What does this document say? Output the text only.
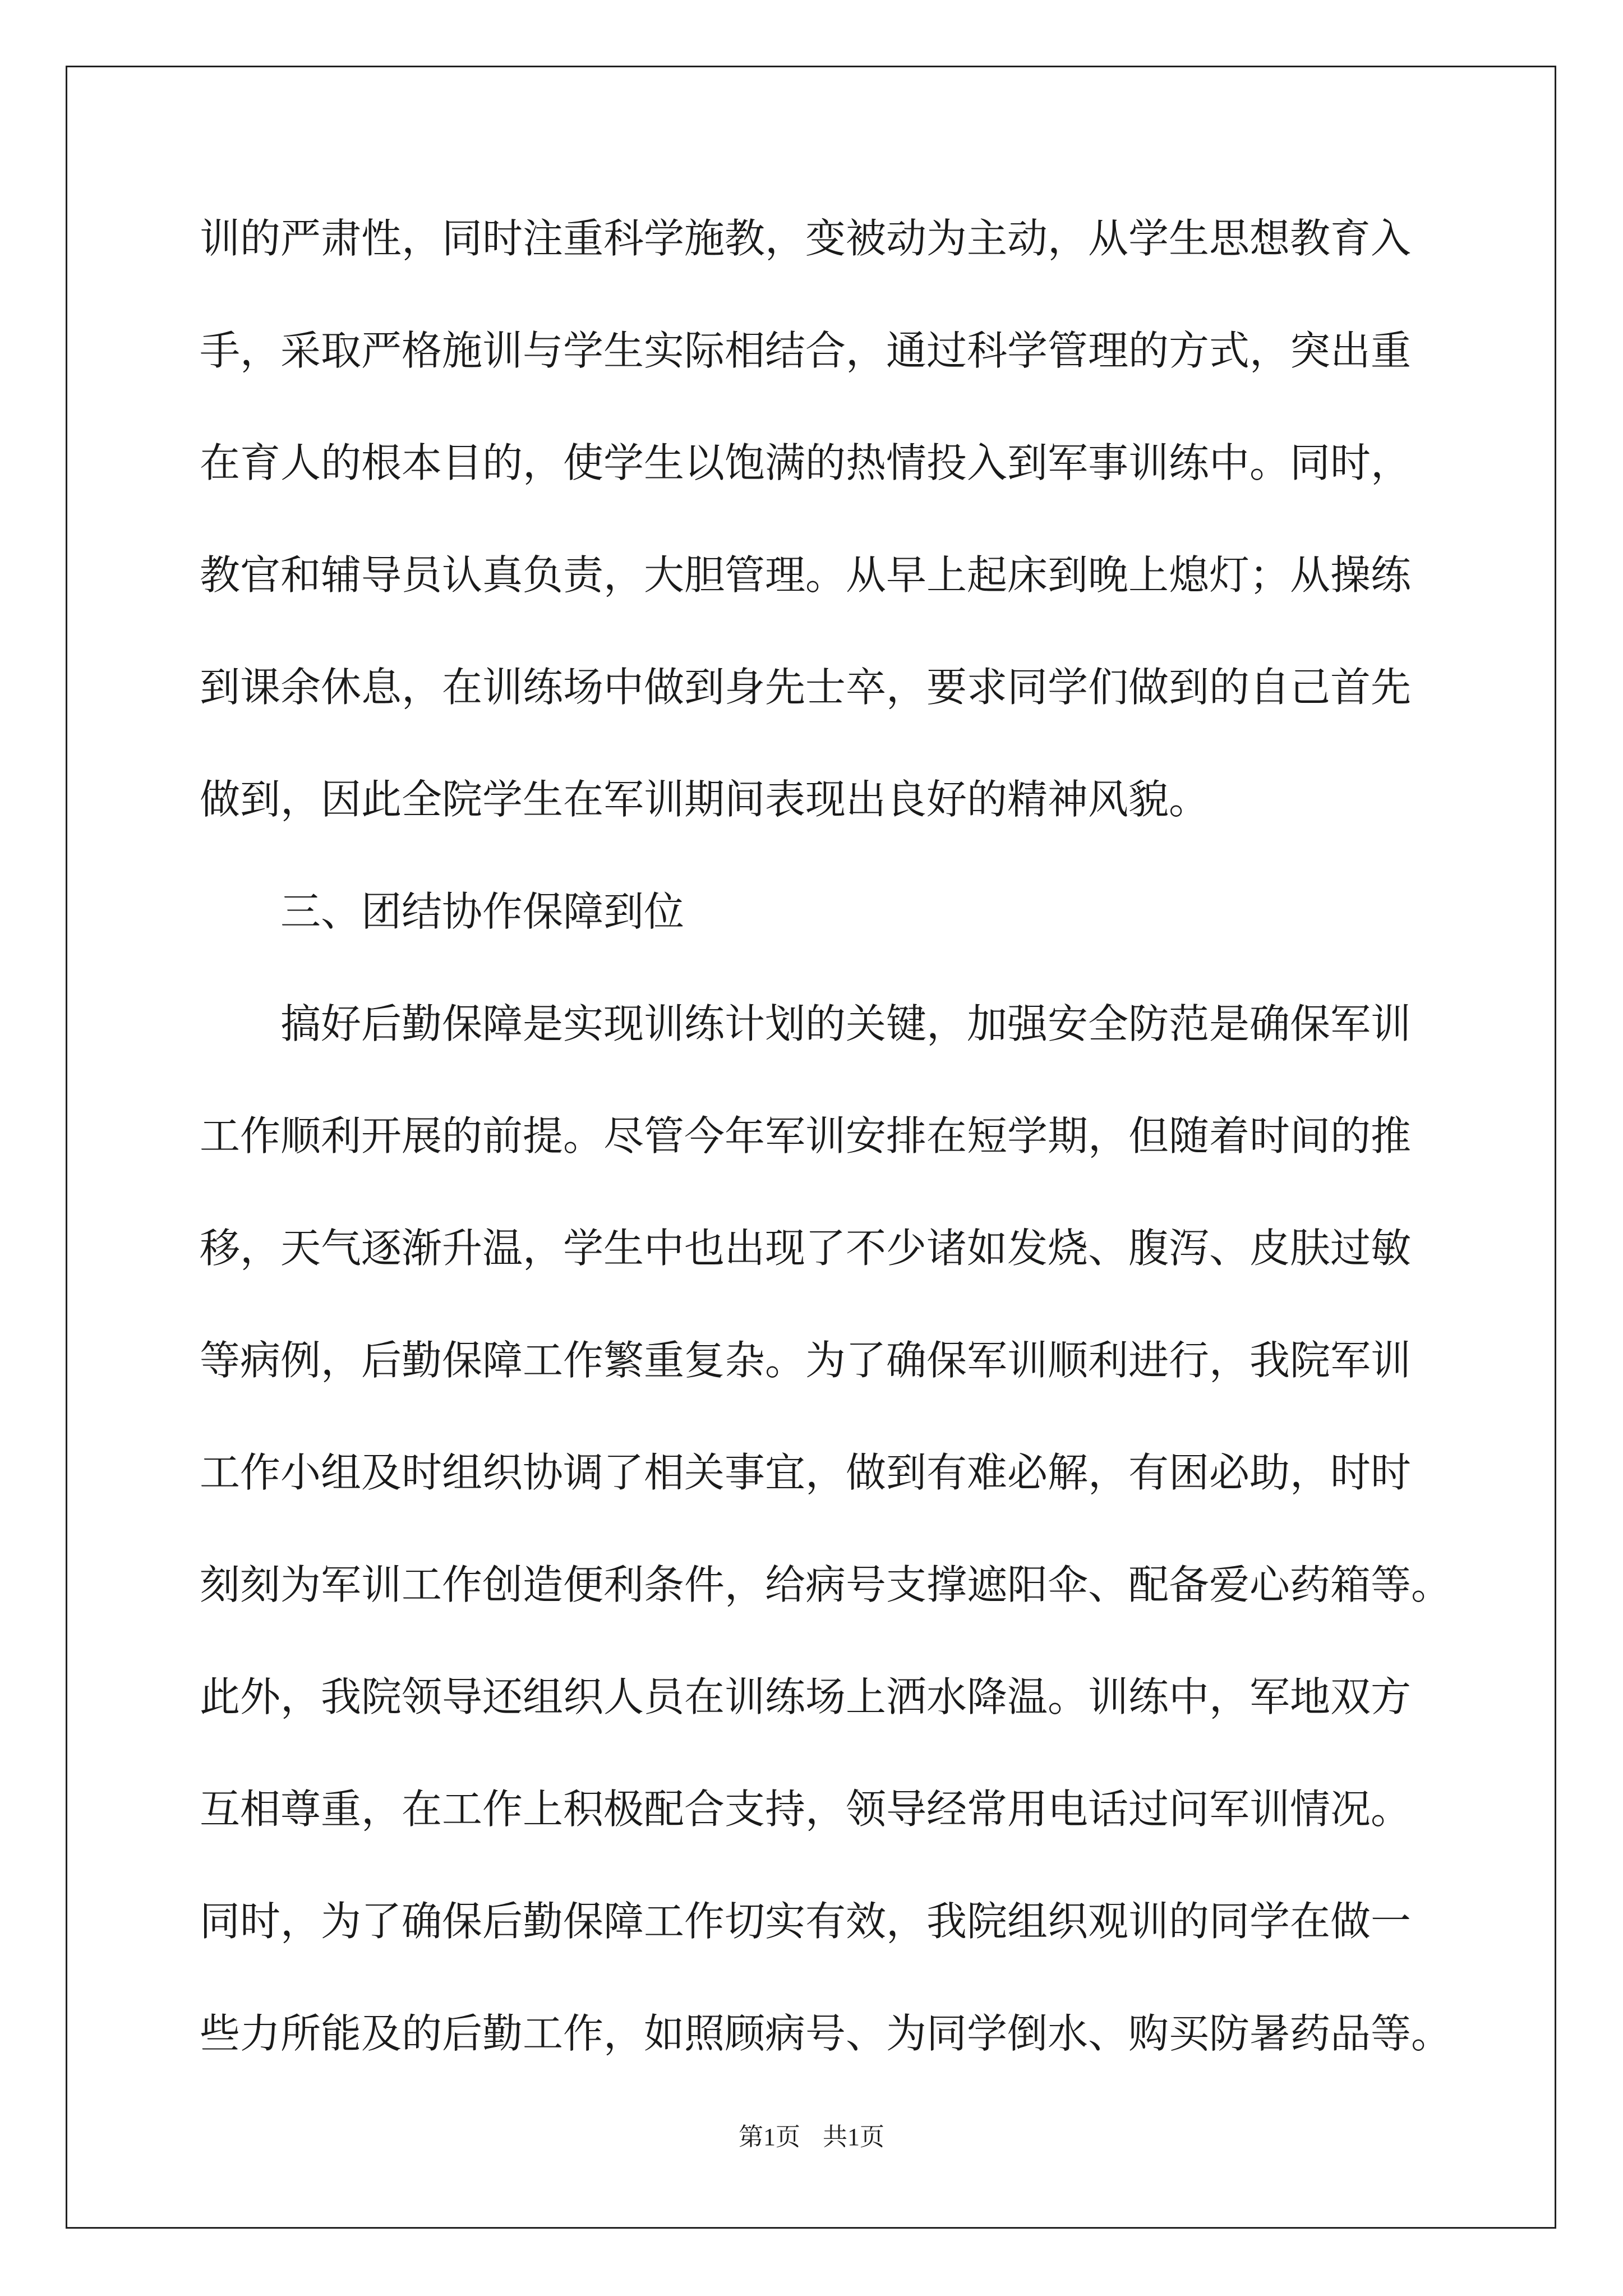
训的严肃性，同时注重科学施教，变被动为主动，从学生思想教育入
手，采取严格施训与学生实际相结合，通过科学管理的方式，突出重
在育人的根本目的，使学生以饱满的热情投入到军事训练中。同时，
教官和辅导员认真负责，大胆管理。从早上起床到晚上熄灯；从操练
到课余休息，在训练场中做到身先士卒，要求同学们做到的自己首先
做到，因此全院学生在军训期间表现出良好的精神风貌。
三、团结协作保障到位
搞好后勤保障是实现训练计划的关键，加强安全防范是确保军训
工作顺利开展的前提。尽管今年军训安排在短学期，但随着时间的推
移，天气逐渐升温，学生中也出现了不少诸如发烧、腹泻、皮肤过敏
等病例，后勤保障工作繁重复杂。为了确保军训顺利进行，我院军训
工作小组及时组织协调了相关事宜，做到有难必解，有困必助，时时
刻刻为军训工作创造便利条件，给病号支撑遮阳伞、配备爱心药箱等。
此外，我院领导还组织人员在训练场上洒水降温。训练中，军地双方
互相尊重，在工作上积极配合支持，领导经常用电话过问军训情况。
同时，为了确保后勤保障工作切实有效，我院组织观训的同学在做一
些力所能及的后勤工作，如照顾病号、为同学倒水、购买防暑药品等。
第1页 共1页
